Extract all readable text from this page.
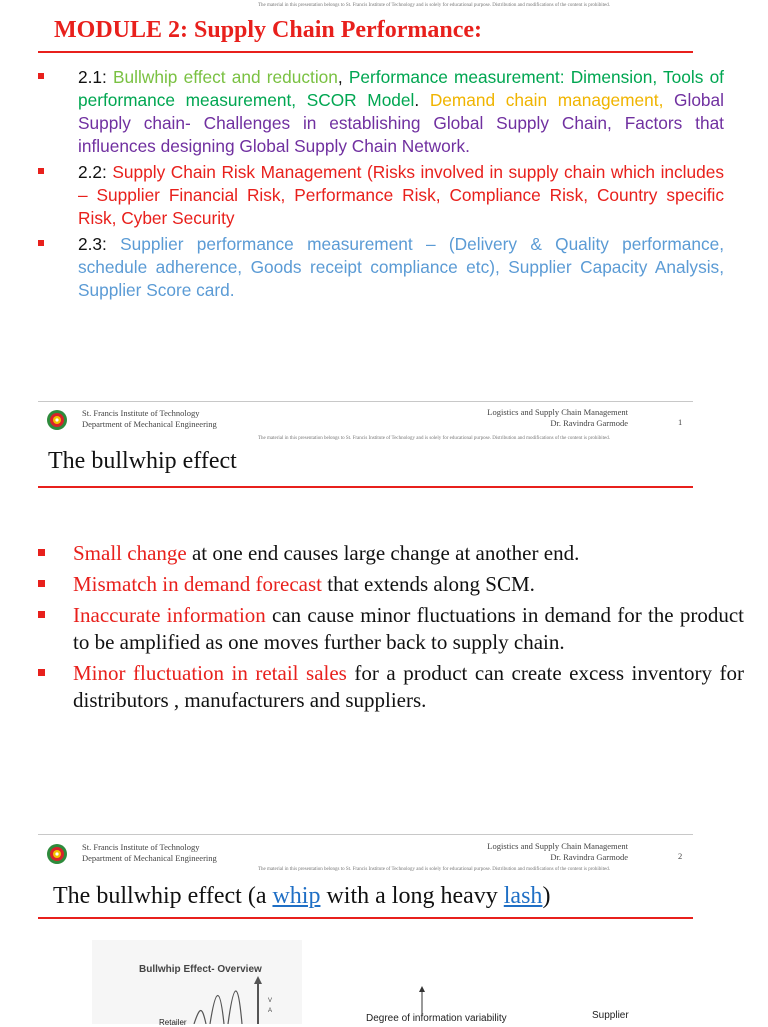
The material in this presentation belongs to St. Francis Institute of Technology and is solely for educational purpose. Distribution and modifications of the content is prohibited.
MODULE 2: Supply Chain Performance:
2.1: Bullwhip effect and reduction, Performance measurement: Dimension, Tools of performance measurement, SCOR Model. Demand chain management, Global Supply chain- Challenges in establishing Global Supply Chain, Factors that influences designing Global Supply Chain Network.
2.2: Supply Chain Risk Management (Risks involved in supply chain which includes – Supplier Financial Risk, Performance Risk, Compliance Risk, Country specific Risk, Cyber Security
2.3: Supplier performance measurement – (Delivery & Quality performance, schedule adherence, Goods receipt compliance etc), Supplier Capacity Analysis, Supplier Score card.
St. Francis Institute of Technology
Department of Mechanical Engineering
Logistics and Supply Chain Management
Dr. Ravindra Garmode	1
The material in this presentation belongs to St. Francis Institute of Technology and is solely for educational purpose. Distribution and modifications of the content is prohibited.
The bullwhip effect
Small change at one end causes large change at another end.
Mismatch in demand forecast that extends along SCM.
Inaccurate information can cause minor fluctuations in demand for the product to be amplified as one moves further back to supply chain.
Minor fluctuation in retail sales for a product can create excess inventory for distributors , manufacturers and suppliers.
St. Francis Institute of Technology
Department of Mechanical Engineering
Logistics and Supply Chain Management
Dr. Ravindra Garmode	2
The material in this presentation belongs to St. Francis Institute of Technology and is solely for educational purpose. Distribution and modifications of the content is prohibited.
The bullwhip effect (a whip with a long heavy lash)
Bullwhip Effect- Overview
Retailer
V
A
Degree of information variability	Supplier
